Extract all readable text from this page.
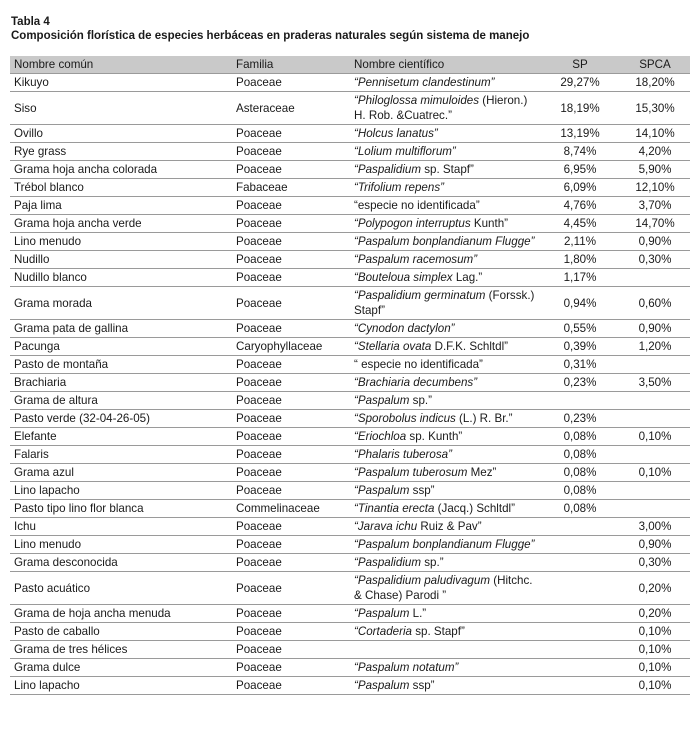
Tabla 4
Composición florística de especies herbáceas en praderas naturales según sistema de manejo
Nombre común	Familia	Nombre científico	SP	SPCA
Kikuyo	Poaceae	“Pennisetum clandestinum”	29,27%	18,20%
Siso	Asteraceae	“Philoglossa mimuloides (Hieron.) H. Rob. &Cuatrec.”	18,19%	15,30%
Ovillo	Poaceae	“Holcus lanatus”	13,19%	14,10%
Rye grass	Poaceae	“Lolium multiflorum”	8,74%	4,20%
Grama hoja ancha colorada	Poaceae	“Paspalidium sp. Stapf”	6,95%	5,90%
Trébol blanco	Fabaceae	“Trifolium repens”	6,09%	12,10%
Paja lima	Poaceae	“especie no identificada”	4,76%	3,70%
Grama hoja ancha verde	Poaceae	“Polypogon interruptus Kunth”	4,45%	14,70%
Lino menudo	Poaceae	“Paspalum bonplandianum Flugge”	2,11%	0,90%
Nudillo	Poaceae	“Paspalum racemosum”	1,80%	0,30%
Nudillo blanco	Poaceae	“Bouteloua simplex Lag.”	1,17%	
Grama morada	Poaceae	“Paspalidium germinatum (Forssk.) Stapf”	0,94%	0,60%
Grama pata de gallina	Poaceae	“Cynodon dactylon”	0,55%	0,90%
Pacunga	Caryophyllaceae	“Stellaria ovata D.F.K. Schltdl”	0,39%	1,20%
Pasto de montaña	Poaceae	“ especie no identificada”	0,31%	
Brachiaria	Poaceae	“Brachiaria decumbens”	0,23%	3,50%
Grama de altura	Poaceae	“Paspalum sp.”		
Pasto verde (32-04-26-05)	Poaceae	“Sporobolus indicus (L.) R. Br.”	0,23%	
Elefante	Poaceae	“Eriochloa sp. Kunth”	0,08%	0,10%
Falaris	Poaceae	“Phalaris tuberosa”	0,08%	
Grama azul	Poaceae	“Paspalum tuberosum Mez”	0,08%	0,10%
Lino lapacho	Poaceae	“Paspalum ssp”	0,08%	
Pasto tipo lino flor blanca	Commelinaceae	“Tinantia erecta (Jacq.) Schltdl”	0,08%	
Ichu	Poaceae	“Jarava ichu Ruiz & Pav”		3,00%
Lino menudo	Poaceae	“Paspalum bonplandianum Flugge”		0,90%
Grama desconocida	Poaceae	“Paspalidium sp.”		0,30%
Pasto acuático	Poaceae	“Paspalidium paludivagum (Hitchc. & Chase) Parodi ”		0,20%
Grama de hoja ancha menuda	Poaceae	“Paspalum L.”		0,20%
Pasto de caballo	Poaceae	“Cortaderia sp. Stapf”		0,10%
Grama de tres hélices	Poaceae			0,10%
Grama dulce	Poaceae	“Paspalum notatum”		0,10%
Lino lapacho	Poaceae	“Paspalum ssp”		0,10%
